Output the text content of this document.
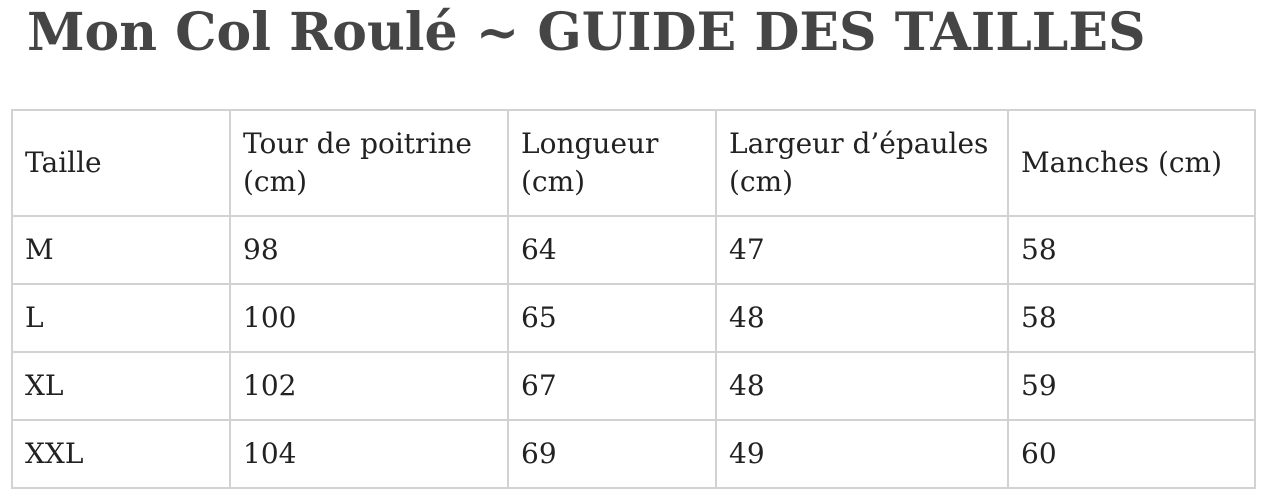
Mon Col Roulé ~ GUIDE DES TAILLES
Taille	Tour de poitrine (cm)	Longueur (cm)	Largeur d’épaules (cm)	Manches (cm)
M	98	64	47	58
L	100	65	48	58
XL	102	67	48	59
XXL	104	69	49	60
